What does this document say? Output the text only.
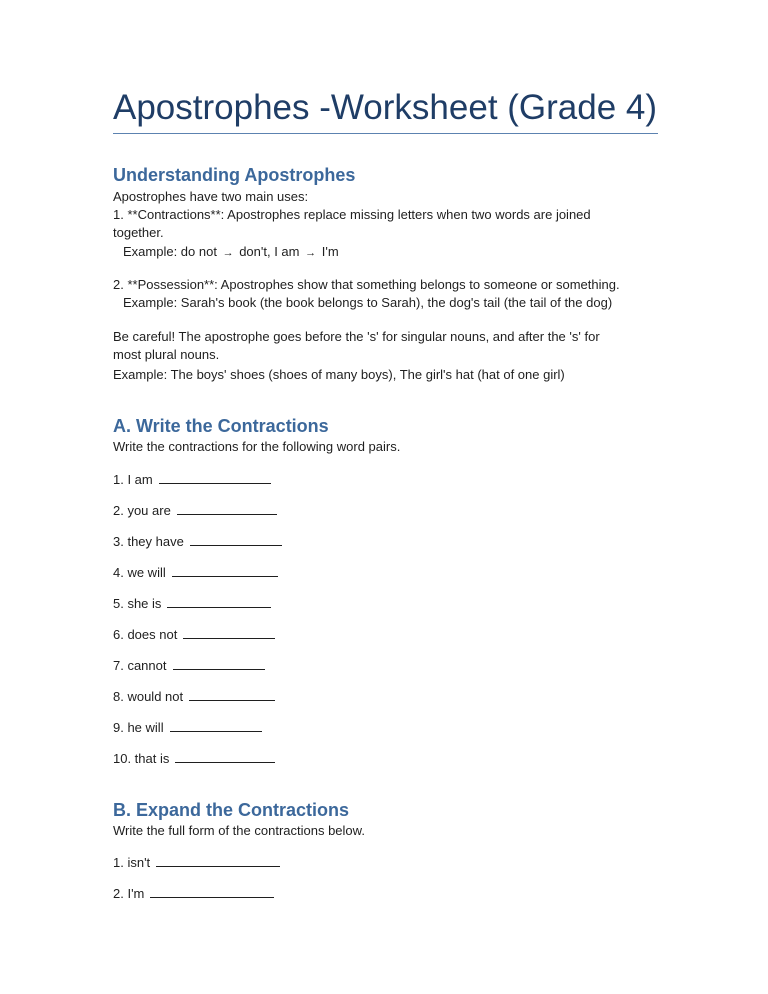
Apostrophes -Worksheet (Grade 4)
Understanding Apostrophes

Apostrophes have two main uses:

1. **Contractions**: Apostrophes replace missing letters when two words are joined

together.

Example: do not → don't, I am → I'm

2. **Possession**: Apostrophes show that something belongs to someone or something.

Example: Sarah's book (the book belongs to Sarah), the dog's tail (the tail of the dog)

Be careful! The apostrophe goes before the 's' for singular nouns, and after the 's' for

most plural nouns.

Example: The boys' shoes (shoes of many boys), The girl's hat (hat of one girl)

A. Write the Contractions

Write the contractions for the following word pairs.

1. I am

2. you are

3. they have

4. we will

5. she is

6. does not

7. cannot

8. would not

9. he will

10. that is

B. Expand the Contractions

Write the full form of the contractions below.

1. isn't

2. I'm
